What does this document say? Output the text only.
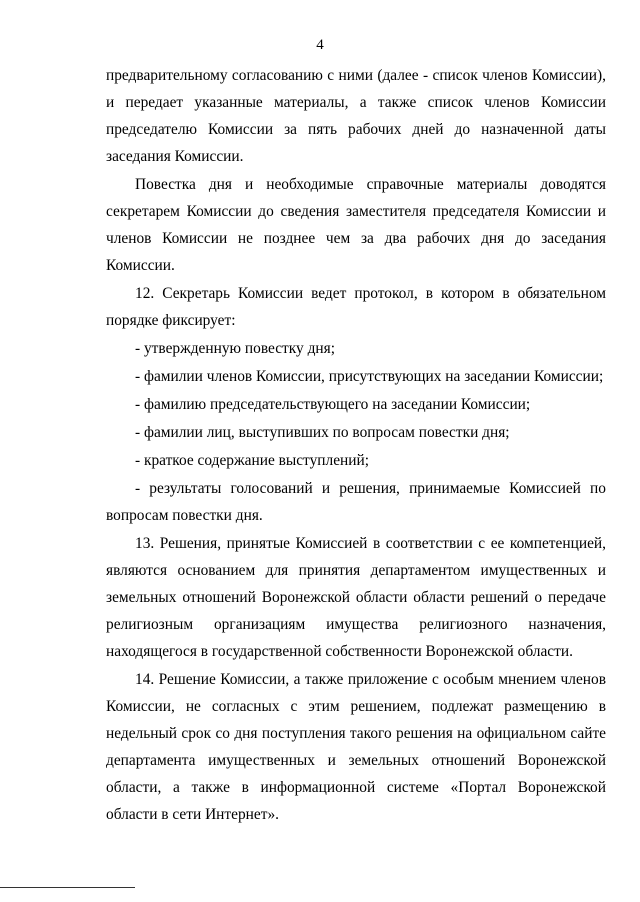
4

предварительному согласованию с ними (далее - список членов Комиссии), и передает указанные материалы, а также список членов Комиссии председателю Комиссии за пять рабочих дней до назначенной даты заседания Комиссии.

Повестка дня и необходимые справочные материалы доводятся секретарем Комиссии до сведения заместителя председателя Комиссии и членов Комиссии не позднее чем за два рабочих дня до заседания Комиссии.

12. Секретарь Комиссии ведет протокол, в котором в обязательном порядке фиксирует:

- утвержденную повестку дня;

- фамилии членов Комиссии, присутствующих на заседании Комиссии;

- фамилию председательствующего на заседании Комиссии;

- фамилии лиц, выступивших по вопросам повестки дня;

- краткое содержание выступлений;

- результаты голосований и решения, принимаемые Комиссией по вопросам повестки дня.

13. Решения, принятые Комиссией в соответствии с ее компетенцией, являются основанием для принятия департаментом имущественных и земельных отношений Воронежской области области решений о передаче религиозным организациям имущества религиозного назначения, находящегося в государственной собственности Воронежской области.

14. Решение Комиссии, а также приложение с особым мнением членов Комиссии, не согласных с этим решением, подлежат размещению в недельный срок со дня поступления такого решения на официальном сайте департамента имущественных и земельных отношений Воронежской области, а также в информационной системе «Портал Воронежской области в сети Интернет».
